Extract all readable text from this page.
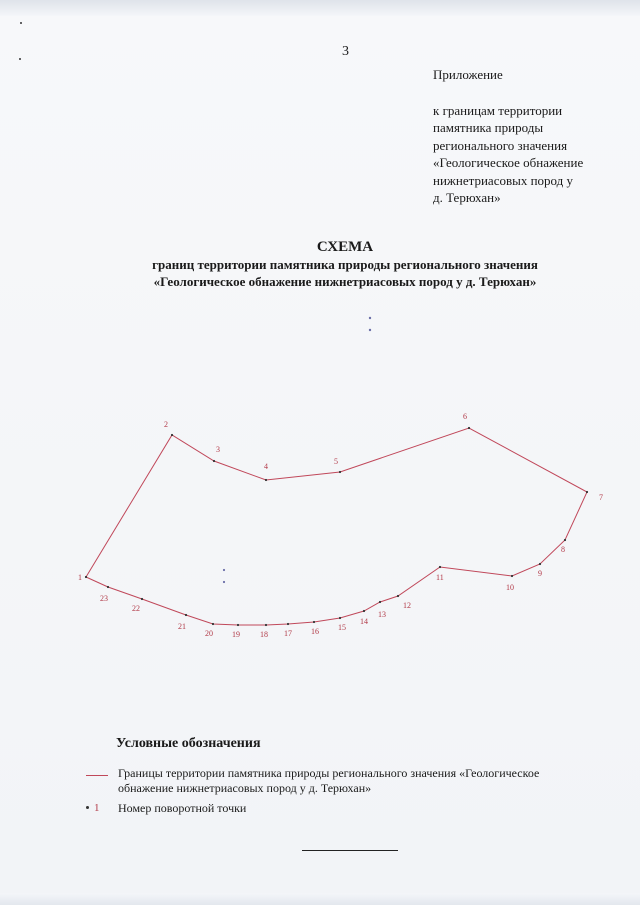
3
Приложение
к границам территории
памятника природы
регионального значения
«Геологическое обнажение
нижнетриасовых пород у
д. Терюхан»
СХЕМА
границ территории памятника природы регионального значения
«Геологическое обнажение нижнетриасовых пород у д. Терюхан»
1
2
3
4
5
6
7
8
9
10
11
12
13
14
15
16
17
18
19
20
21
22
23
Условные обозначения
Границы территории памятника природы регионального значения «Геологическое обнажение нижнетриасовых пород у д. Терюхан»
1 Номер поворотной точки
